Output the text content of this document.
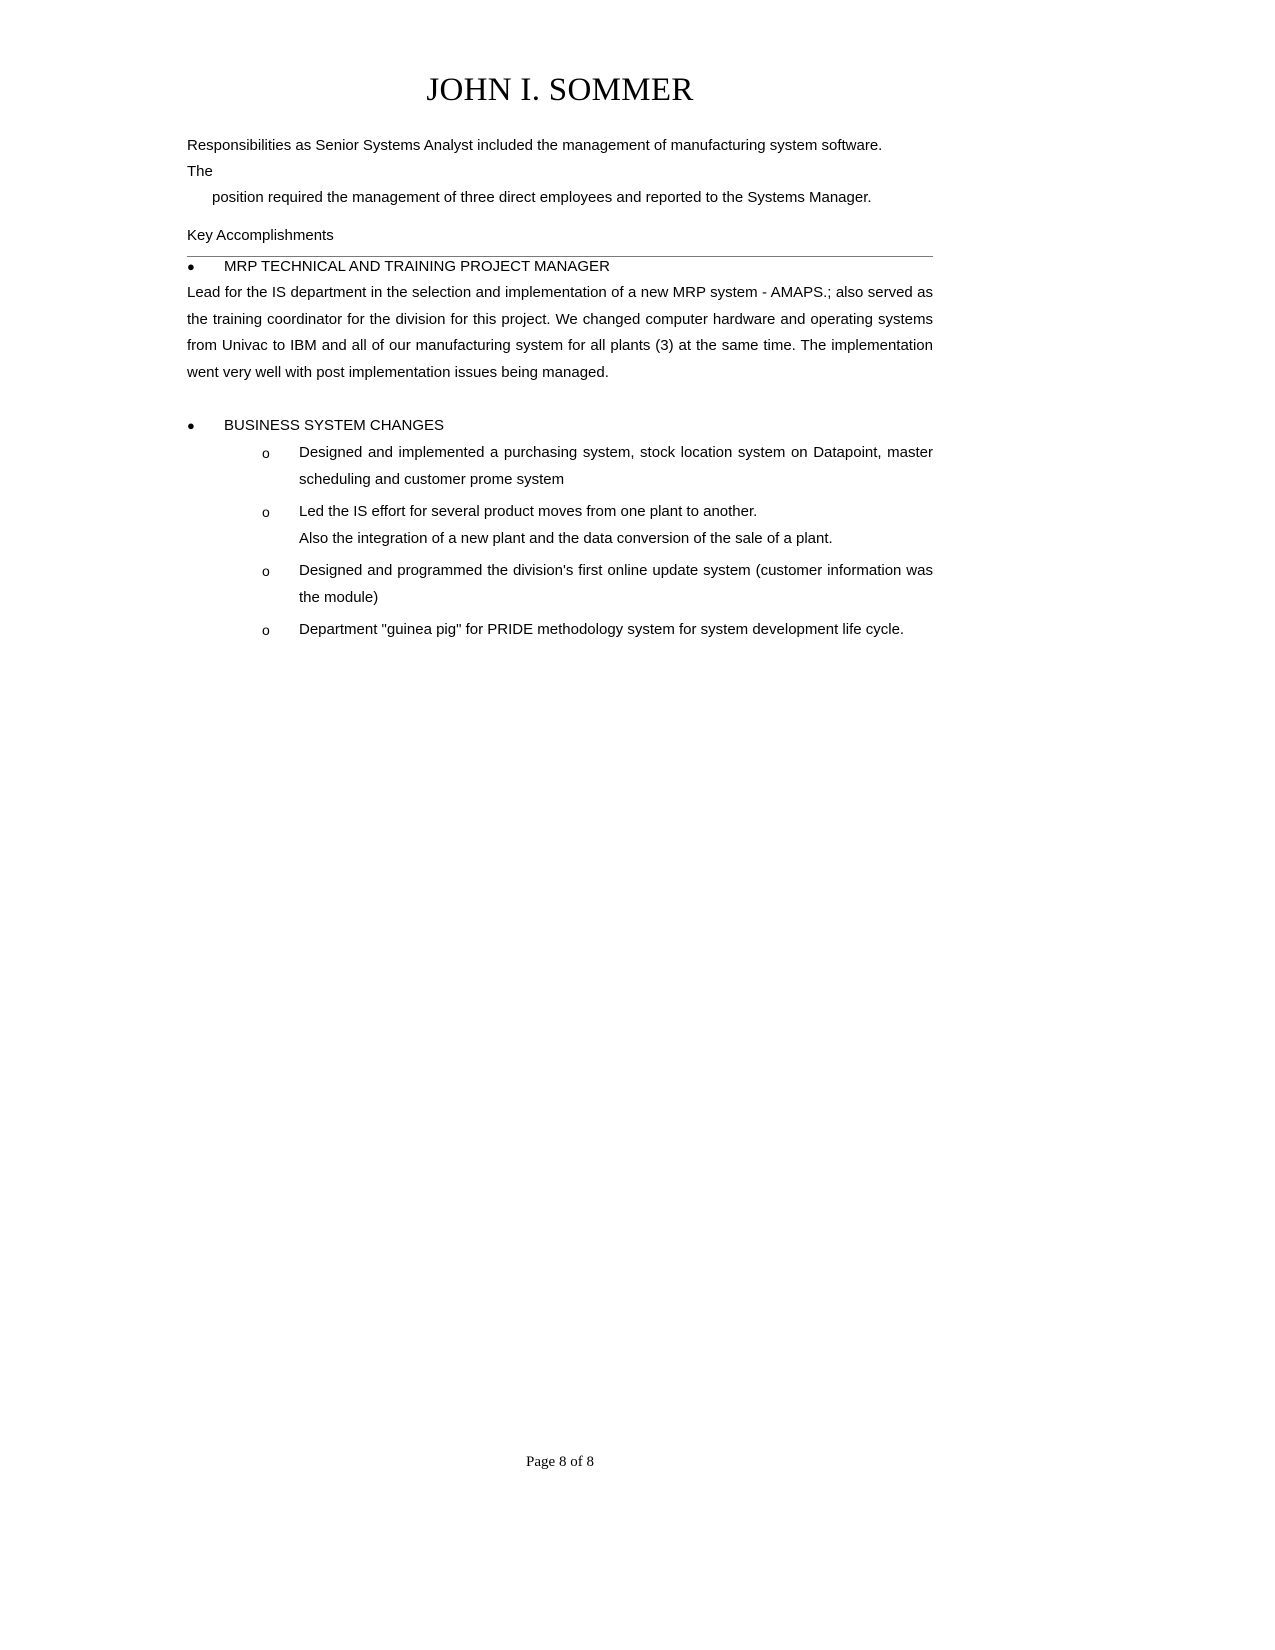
JOHN I. SOMMER
Responsibilities as Senior Systems Analyst included the management of manufacturing system software. The
position required the management of three direct employees and reported to the Systems Manager.
Key Accomplishments
●	MRP TECHNICAL AND TRAINING PROJECT MANAGER
Lead for the IS department in the selection and implementation of a new MRP system - AMAPS.; also served as the training coordinator for the division for this project. We changed computer hardware and operating systems from Univac to IBM and all of our manufacturing system for all plants (3) at the same time. The implementation went very well with post implementation issues being managed.
●	BUSINESS SYSTEM CHANGES
o Designed and implemented a purchasing system, stock location system on Datapoint, master scheduling and customer prome system
o Led the IS effort for several product moves from one plant to another.
Also the integration of a new plant and the data conversion of the sale of a plant.
o Designed and programmed the division's first online update system (customer information was the module)
o Department "guinea pig" for PRIDE methodology system for system development life cycle.
Page 8 of 8
